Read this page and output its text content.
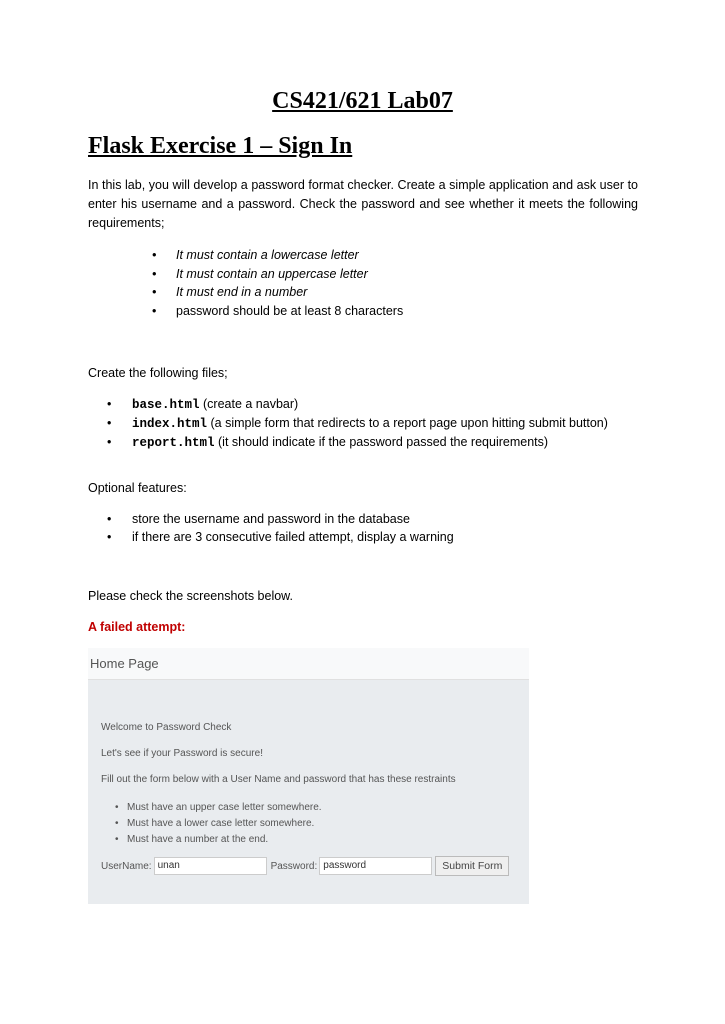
CS421/621 Lab07
Flask Exercise 1 – Sign In

In this lab, you will develop a password format checker. Create a simple application and ask user to enter his username and a password. Check the password and see whether it meets the following requirements;

• It must contain a lowercase letter
• It must contain an uppercase letter
• It must end in a number
• password should be at least 8 characters

Create the following files;

• base.html (create a navbar)
• index.html (a simple form that redirects to a report page upon hitting submit button)
• report.html (it should indicate if the password passed the requirements)

Optional features:

• store the username and password in the database
• if there are 3 consecutive failed attempt, display a warning

Please check the screenshots below.

A failed attempt:

Home Page
Welcome to Password Check
Let's see if your Password is secure!
Fill out the form below with a User Name and password that has these restraints
• Must have an upper case letter somewhere.
• Must have a lower case letter somewhere.
• Must have a number at the end.
UserName: unan	Password: password	Submit Form
